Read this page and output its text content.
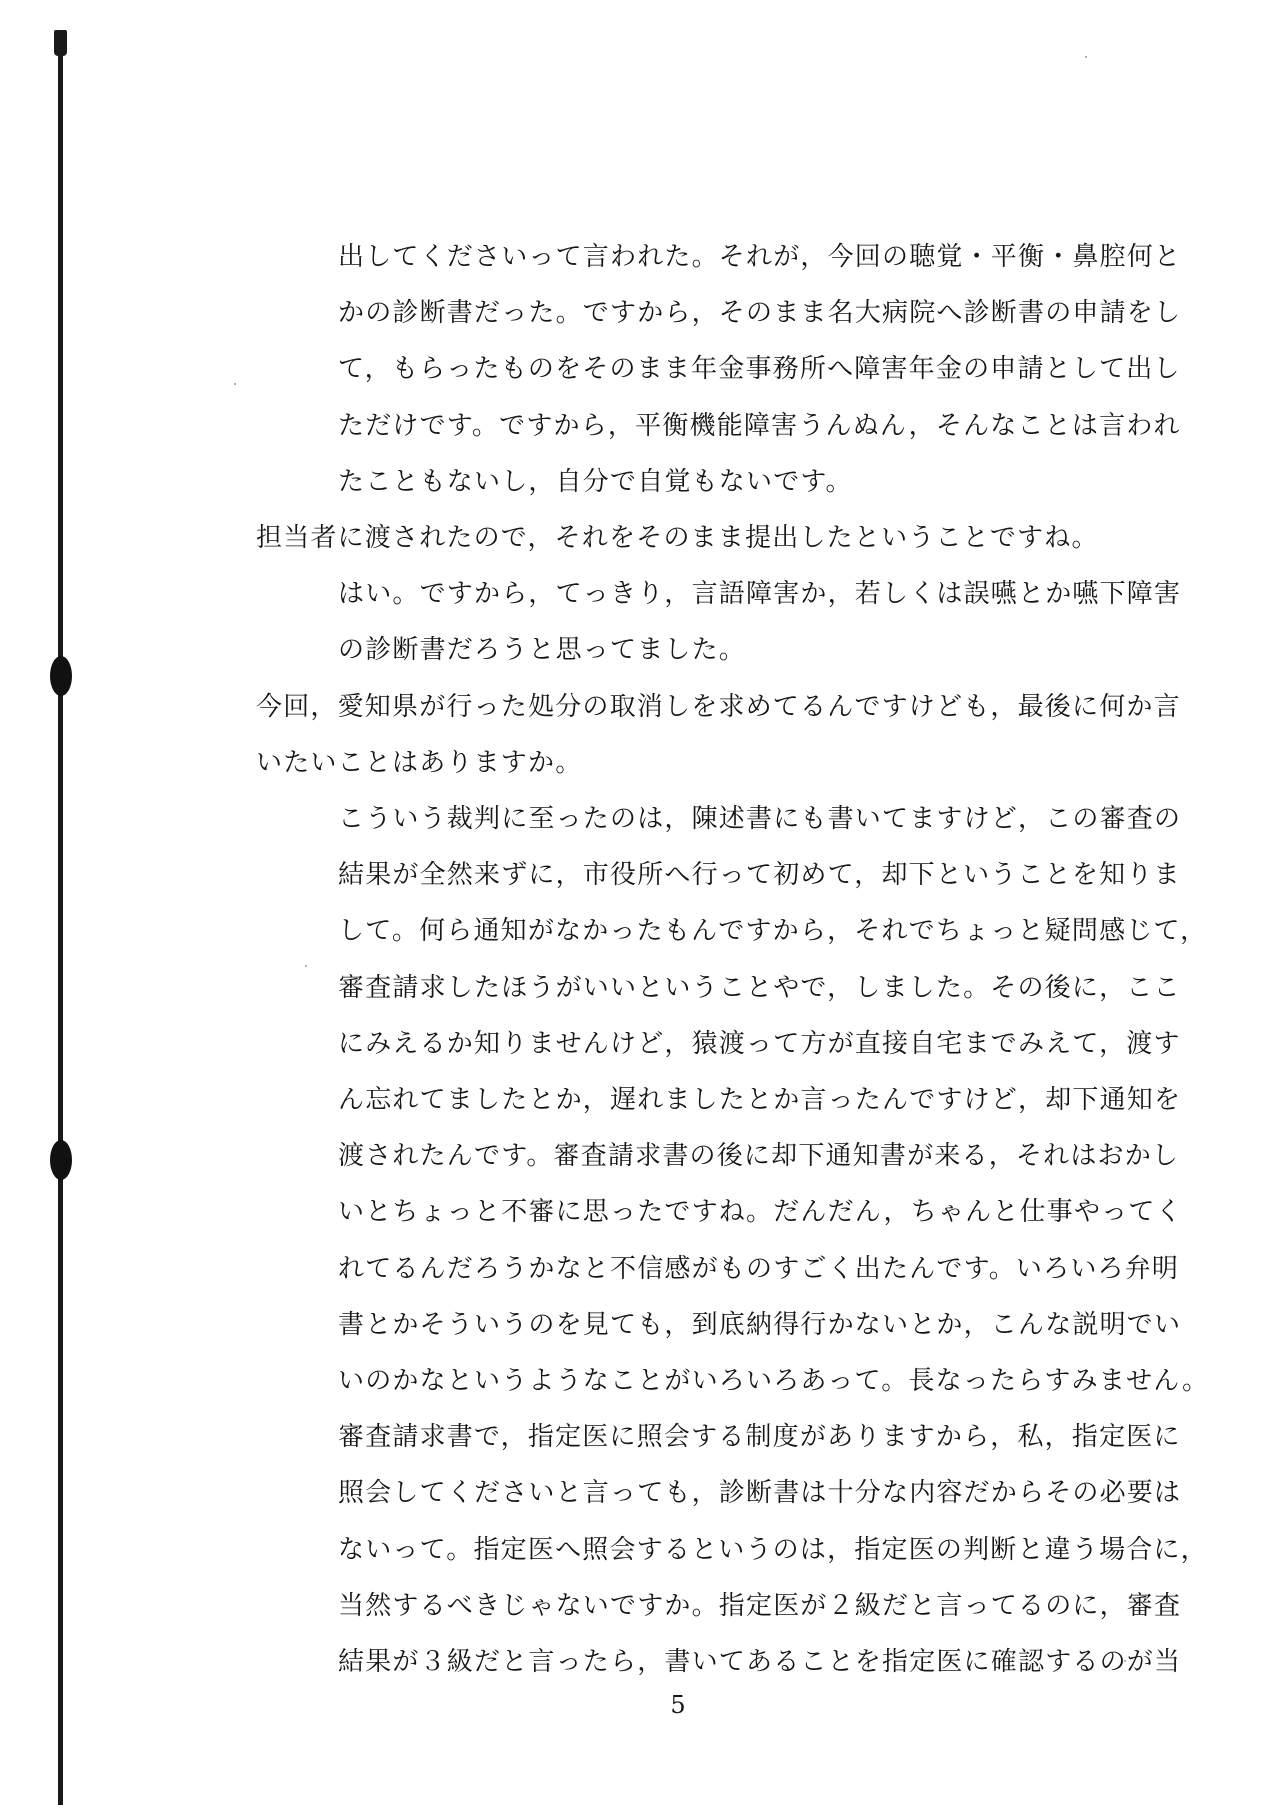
出してくださいって言われた。それが，今回の聴覚・平衡・鼻腔何と
かの診断書だった。ですから，そのまま名大病院へ診断書の申請をし
て，もらったものをそのまま年金事務所へ障害年金の申請として出し
ただけです。ですから，平衡機能障害うんぬん，そんなことは言われ
たこともないし，自分で自覚もないです。
担当者に渡されたので，それをそのまま提出したということですね。
はい。ですから，てっきり，言語障害か，若しくは誤嚥とか嚥下障害
の診断書だろうと思ってました。
今回，愛知県が行った処分の取消しを求めてるんですけども，最後に何か言
いたいことはありますか。
こういう裁判に至ったのは，陳述書にも書いてますけど，この審査の
結果が全然来ずに，市役所へ行って初めて，却下ということを知りま
して。何ら通知がなかったもんですから，それでちょっと疑問感じて，
審査請求したほうがいいということやで，しました。その後に，ここ
にみえるか知りませんけど，猿渡って方が直接自宅までみえて，渡す
ん忘れてましたとか，遅れましたとか言ったんですけど，却下通知を
渡されたんです。審査請求書の後に却下通知書が来る，それはおかし
いとちょっと不審に思ったですね。だんだん，ちゃんと仕事やってく
れてるんだろうかなと不信感がものすごく出たんです。いろいろ弁明
書とかそういうのを見ても，到底納得行かないとか，こんな説明でい
いのかなというようなことがいろいろあって。長なったらすみません。
審査請求書で，指定医に照会する制度がありますから，私，指定医に
照会してくださいと言っても，診断書は十分な内容だからその必要は
ないって。指定医へ照会するというのは，指定医の判断と違う場合に，
当然するべきじゃないですか。指定医が２級だと言ってるのに，審査
結果が３級だと言ったら，書いてあることを指定医に確認するのが当
5
